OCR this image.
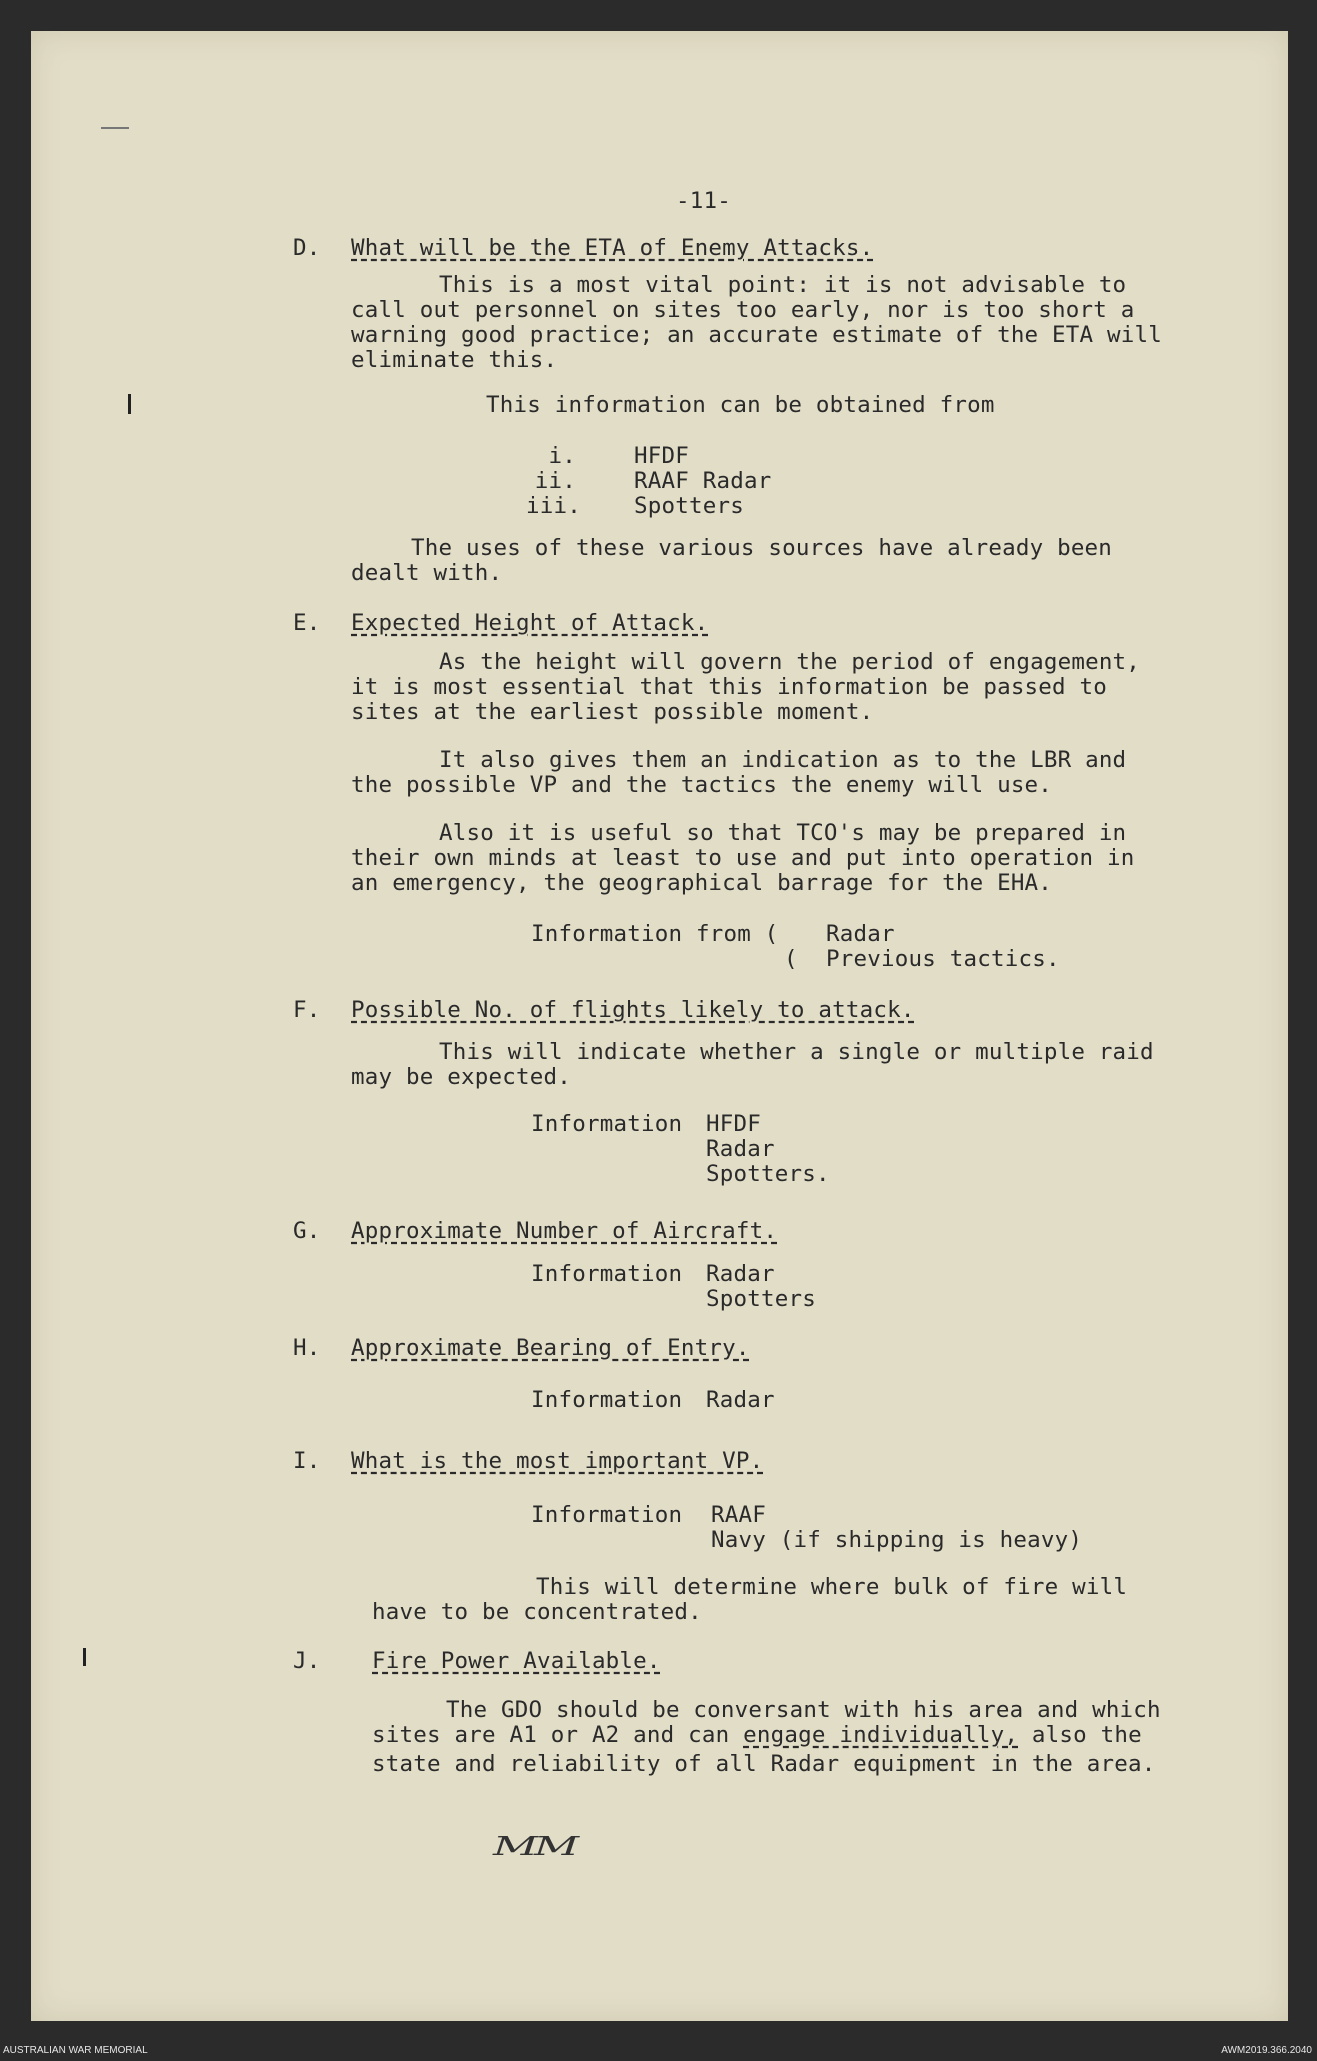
-11-
D. What will be the ETA of Enemy Attacks.
This is a most vital point: it is not advisable to
call out personnel on sites too early, nor is too short a
warning good practice; an accurate estimate of the ETA will
eliminate this.
This information can be obtained from
i.	HFDF
ii.	RAAF Radar
iii. Spotters
The uses of these various sources have already been
dealt with.
E. Expected Height of Attack.
As the height will govern the period of engagement,
it is most essential that this information be passed to
sites at the earliest possible moment.
It also gives them an indication as to the LBR and
the possible VP and the tactics the enemy will use.
Also it is useful so that TCO's may be prepared in
their own minds at least to use and put into operation in
an emergency, the geographical barrage for the EHA.
Information from ( Radar
( Previous tactics.
F. Possible No. of flights likely to attack.
This will indicate whether a single or multiple raid
may be expected.
Information HFDF
Radar
Spotters.
G. Approximate Number of Aircraft.
Information Radar
Spotters
H. Approximate Bearing of Entry.
Information Radar
I. What is the most important VP.
Information RAAF
Navy (if shipping is heavy)
This will determine where bulk of fire will
have to be concentrated.
J. Fire Power Available.
The GDO should be conversant with his area and which
sites are A1 or A2 and can engage individually, also the
state and reliability of all Radar equipment in the area.
MM
AUSTRALIAN WAR MEMORIAL	AWM2019.366.2040
